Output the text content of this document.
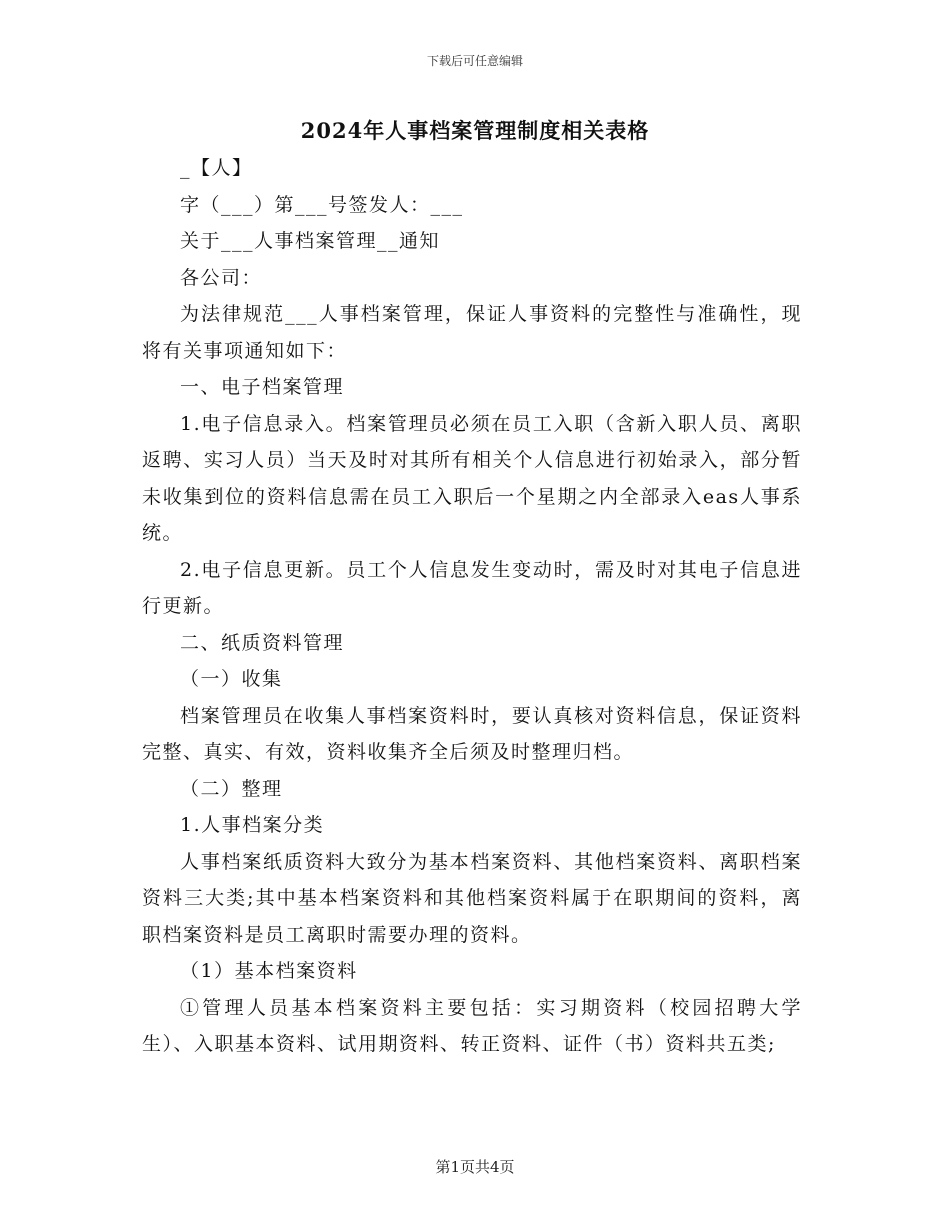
下载后可任意编辑
2024年人事档案管理制度相关表格

_【人】

字（___）第___号签发人：___

关于___人事档案管理__通知

各公司：

为法律规范___人事档案管理，保证人事资料的完整性与准确性，现将有关事项通知如下：

一、电子档案管理

1.电子信息录入。档案管理员必须在员工入职（含新入职人员、离职返聘、实习人员）当天及时对其所有相关个人信息进行初始录入，部分暂未收集到位的资料信息需在员工入职后一个星期之内全部录入eas人事系统。

2.电子信息更新。员工个人信息发生变动时，需及时对其电子信息进行更新。

二、纸质资料管理

（一）收集

档案管理员在收集人事档案资料时，要认真核对资料信息，保证资料完整、真实、有效，资料收集齐全后须及时整理归档。

（二）整理

1.人事档案分类

人事档案纸质资料大致分为基本档案资料、其他档案资料、离职档案资料三大类;其中基本档案资料和其他档案资料属于在职期间的资料，离职档案资料是员工离职时需要办理的资料。

（1）基本档案资料

①管理人员基本档案资料主要包括：实习期资料（校园招聘大学生）、入职基本资料、试用期资料、转正资料、证件（书）资料共五类;

第1页共4页
